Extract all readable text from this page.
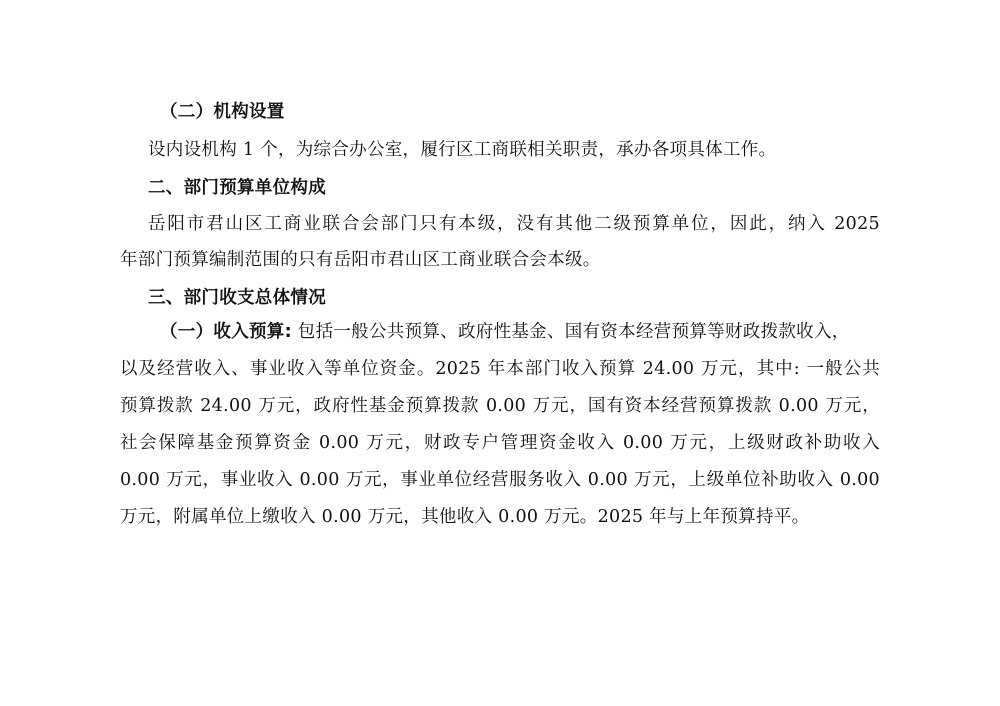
（二）机构设置
设内设机构 1 个，为综合办公室，履行区工商联相关职责，承办各项具体工作。
二、部门预算单位构成
岳阳市君山区工商业联合会部门只有本级，没有其他二级预算单位，因此，纳入 2025
年部门预算编制范围的只有岳阳市君山区工商业联合会本级。
三、部门收支总体情况
（一）收入预算: 包括一般公共预算、政府性基金、国有资本经营预算等财政拨款收入，
以及经营收入、事业收入等单位资金。2025 年本部门收入预算 24.00 万元，其中: 一般公共
预算拨款 24.00 万元，政府性基金预算拨款 0.00 万元，国有资本经营预算拨款 0.00 万元，
社会保障基金预算资金 0.00 万元，财政专户管理资金收入 0.00 万元，上级财政补助收入
0.00 万元，事业收入 0.00 万元，事业单位经营服务收入 0.00 万元，上级单位补助收入 0.00
万元，附属单位上缴收入 0.00 万元，其他收入 0.00 万元。2025 年与上年预算持平。
